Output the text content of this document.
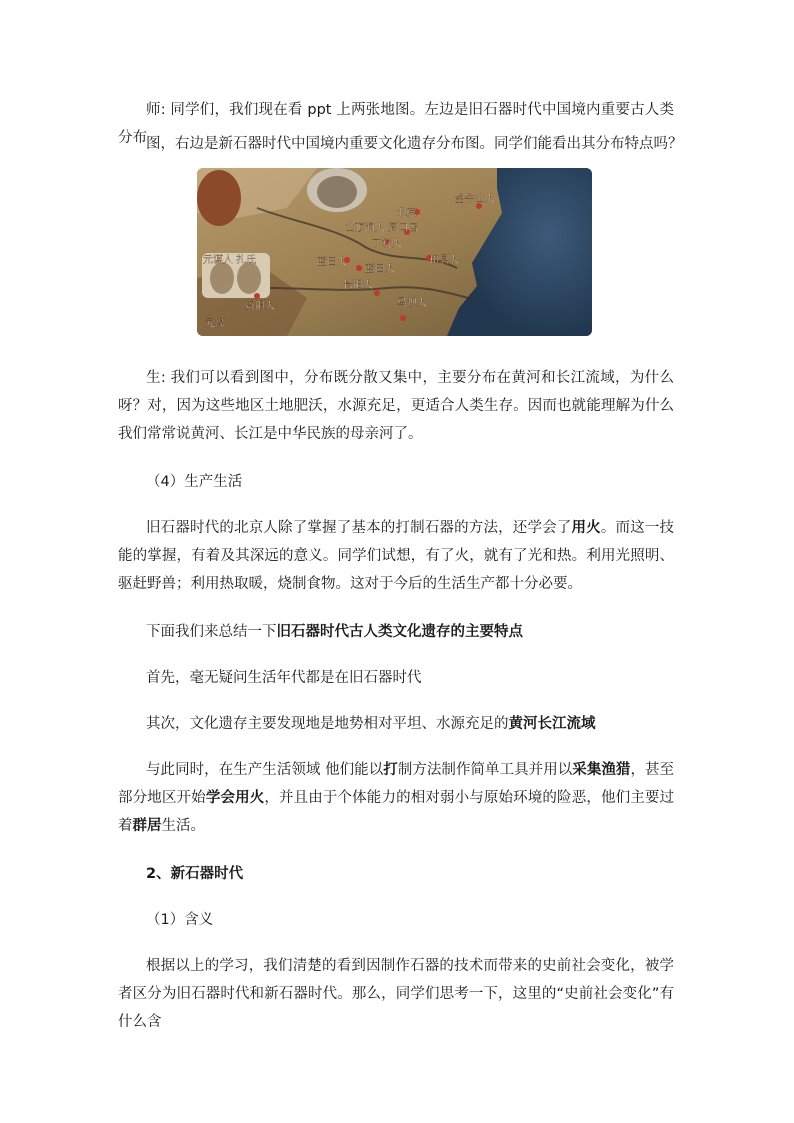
师: 同学们，我们现在看 ppt 上两张地图。左边是旧石器时代中国境内重要古人类分布 图，右边是新石器时代中国境内重要文化遗存分布图。同学们能看出其分布特点吗？

北京
金牛山人
山顶洞人 周口店
丁村人
蓝田人	和县人
蓝田人
元谋人 扎氏
长阳人
马坝人
资阳人
元谋

生: 我们可以看到图中，分布既分散又集中，主要分布在黄河和长江流域，为什么呀？对，因为这些地区土地肥沃，水源充足，更适合人类生存。因而也就能理解为什么我们常常说黄河、长江是中华民族的母亲河了。

（4）生产生活

旧石器时代的北京人除了掌握了基本的打制石器的方法，还学会了用火。而这一技能的掌握，有着及其深远的意义。同学们试想，有了火，就有了光和热。利用光照明、驱赶野兽；利用热取暖，烧制食物。这对于今后的生活生产都十分必要。

下面我们来总结一下旧石器时代古人类文化遗存的主要特点

首先，毫无疑问生活年代都是在旧石器时代

其次，文化遗存主要发现地是地势相对平坦、水源充足的黄河长江流域

与此同时，在生产生活领域 他们能以打制方法制作简单工具并用以采集渔猎，甚至部分地区开始学会用火，并且由于个体能力的相对弱小与原始环境的险恶，他们主要过着群居生活。

2、新石器时代

（1）含义

根据以上的学习，我们清楚的看到因制作石器的技术而带来的史前社会变化，被学者区分为旧石器时代和新石器时代。那么，同学们思考一下，这里的“史前社会变化”有什么含
